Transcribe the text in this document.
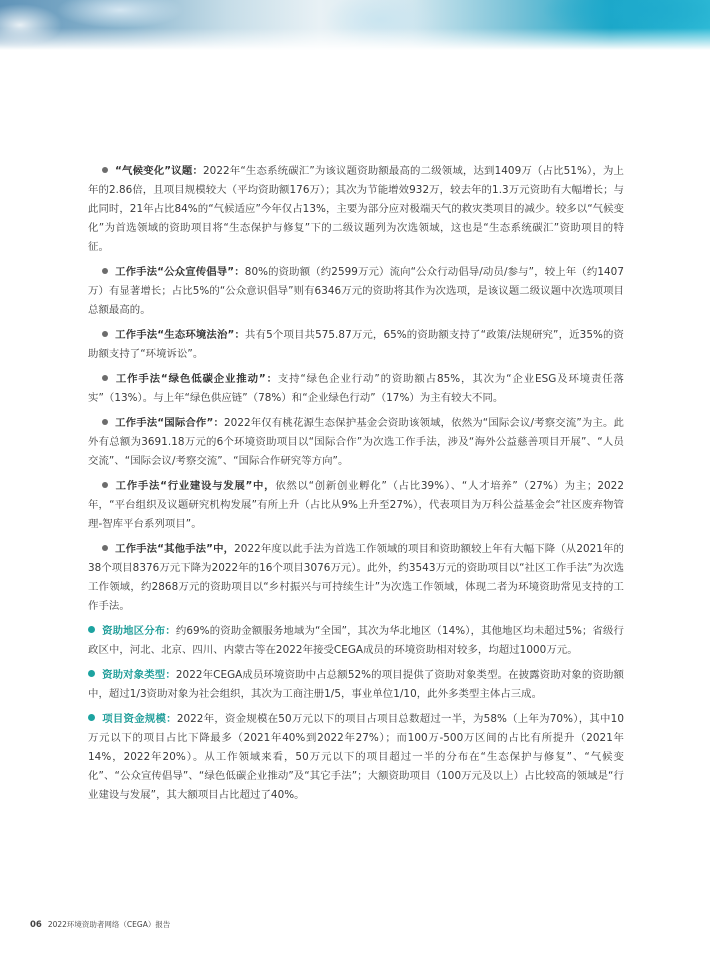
“气候变化”议题：2022年“生态系统碳汇”为该议题资助额最高的二级领域，达到1409万（占比51%），为上年的2.86倍，且项目规模较大（平均资助额176万）；其次为节能增效932万，较去年的1.3万元资助有大幅增长；与此同时，21年占比84%的“气候适应”今年仅占13%，主要为部分应对极端天气的救灾类项目的减少。较多以“气候变化”为首选领域的资助项目将“生态保护与修复”下的二级议题列为次选领域，这也是“生态系统碳汇”资助项目的特征。

工作手法“公众宣传倡导”：80%的资助额（约2599万元）流向“公众行动倡导/动员/参与”，较上年（约1407万）有显著增长；占比5%的“公众意识倡导”则有6346万元的资助将其作为次选项，是该议题二级议题中次选项项目总额最高的。

工作手法“生态环境法治”：共有5个项目共575.87万元，65%的资助额支持了“政策/法规研究”，近35%的资助额支持了“环境诉讼”。

工作手法“绿色低碳企业推动”：支持“绿色企业行动”的资助额占85%，其次为“企业ESG及环境责任落实”（13%）。与上年“绿色供应链”（78%）和“企业绿色行动”（17%）为主有较大不同。

工作手法“国际合作”：2022年仅有桃花源生态保护基金会资助该领域，依然为“国际会议/考察交流”为主。此外有总额为3691.18万元的6个环境资助项目以“国际合作”为次选工作手法，涉及“海外公益慈善项目开展”、“人员交流”、“国际会议/考察交流”、“国际合作研究等方向”。

工作手法“行业建设与发展”中，依然以“创新创业孵化”（占比39%）、“人才培养”（27%）为主；2022年，“平台组织及议题研究机构发展”有所上升（占比从9%上升至27%），代表项目为万科公益基金会“社区废弃物管理-智库平台系列项目”。

工作手法“其他手法”中，2022年度以此手法为首选工作领域的项目和资助额较上年有大幅下降（从2021年的38个项目8376万元下降为2022年的16个项目3076万元）。此外，约3543万元的资助项目以“社区工作手法”为次选工作领域，约2868万元的资助项目以“乡村振兴与可持续生计”为次选工作领域，体现二者为环境资助常见支持的工作手法。

资助地区分布：约69%的资助金额服务地域为“全国”，其次为华北地区（14%），其他地区均未超过5%；省级行政区中，河北、北京、四川、内蒙古等在2022年接受CEGA成员的环境资助相对较多，均超过1000万元。

资助对象类型：2022年CEGA成员环境资助中占总额52%的项目提供了资助对象类型。在披露资助对象的资助额中，超过1/3资助对象为社会组织，其次为工商注册1/5，事业单位1/10，此外多类型主体占三成。

项目资金规模：2022年，资金规模在50万元以下的项目占项目总数超过一半，为58%（上年为70%），其中10万元以下的项目占比下降最多（2021年40%到2022年27%）；而100万-500万区间的占比有所提升（2021年14%，2022年20%）。从工作领域来看，50万元以下的项目超过一半的分布在“生态保护与修复”、“气候变化”、“公众宣传倡导”、“绿色低碳企业推动”及“其它手法”；大额资助项目（100万元及以上）占比较高的领域是“行业建设与发展”，其大额项目占比超过了40%。

06 2022环境资助者网络（CEGA）报告
